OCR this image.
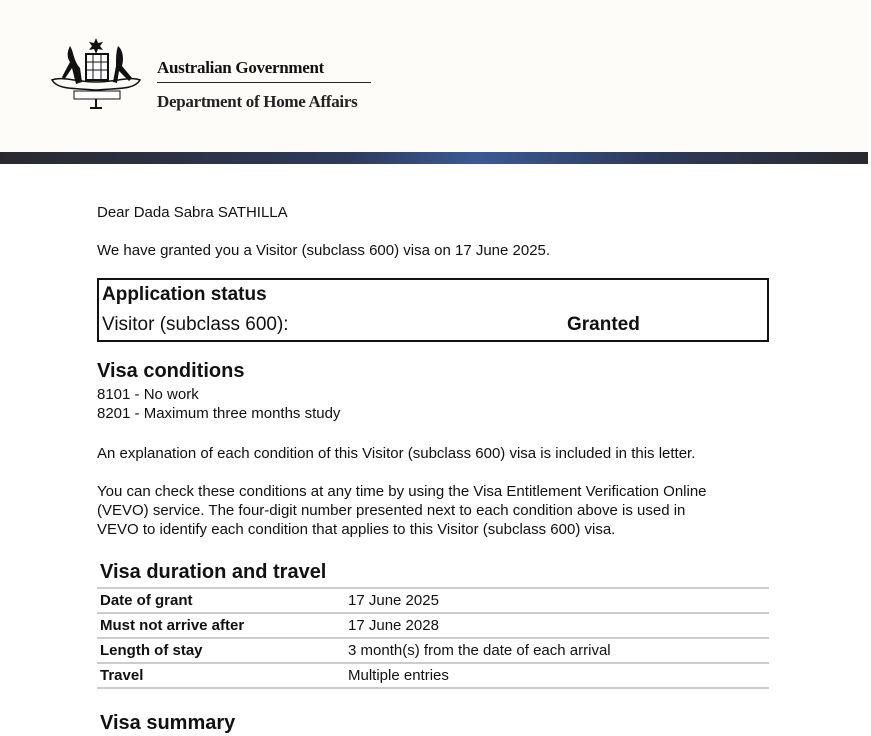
Australian Government
Department of Home Affairs
Dear Dada Sabra SATHILLA
We have granted you a Visitor (subclass 600) visa on 17 June 2025.
Application status
Visitor (subclass 600):	Granted
Visa conditions
8101 - No work
8201 - Maximum three months study
An explanation of each condition of this Visitor (subclass 600) visa is included in this letter.
You can check these conditions at any time by using the Visa Entitlement Verification Online
(VEVO) service. The four-digit number presented next to each condition above is used in
VEVO to identify each condition that applies to this Visitor (subclass 600) visa.
Visa duration and travel
Date of grant	17 June 2025
Must not arrive after	17 June 2028
Length of stay	3 month(s) from the date of each arrival
Travel	Multiple entries
Visa summary
